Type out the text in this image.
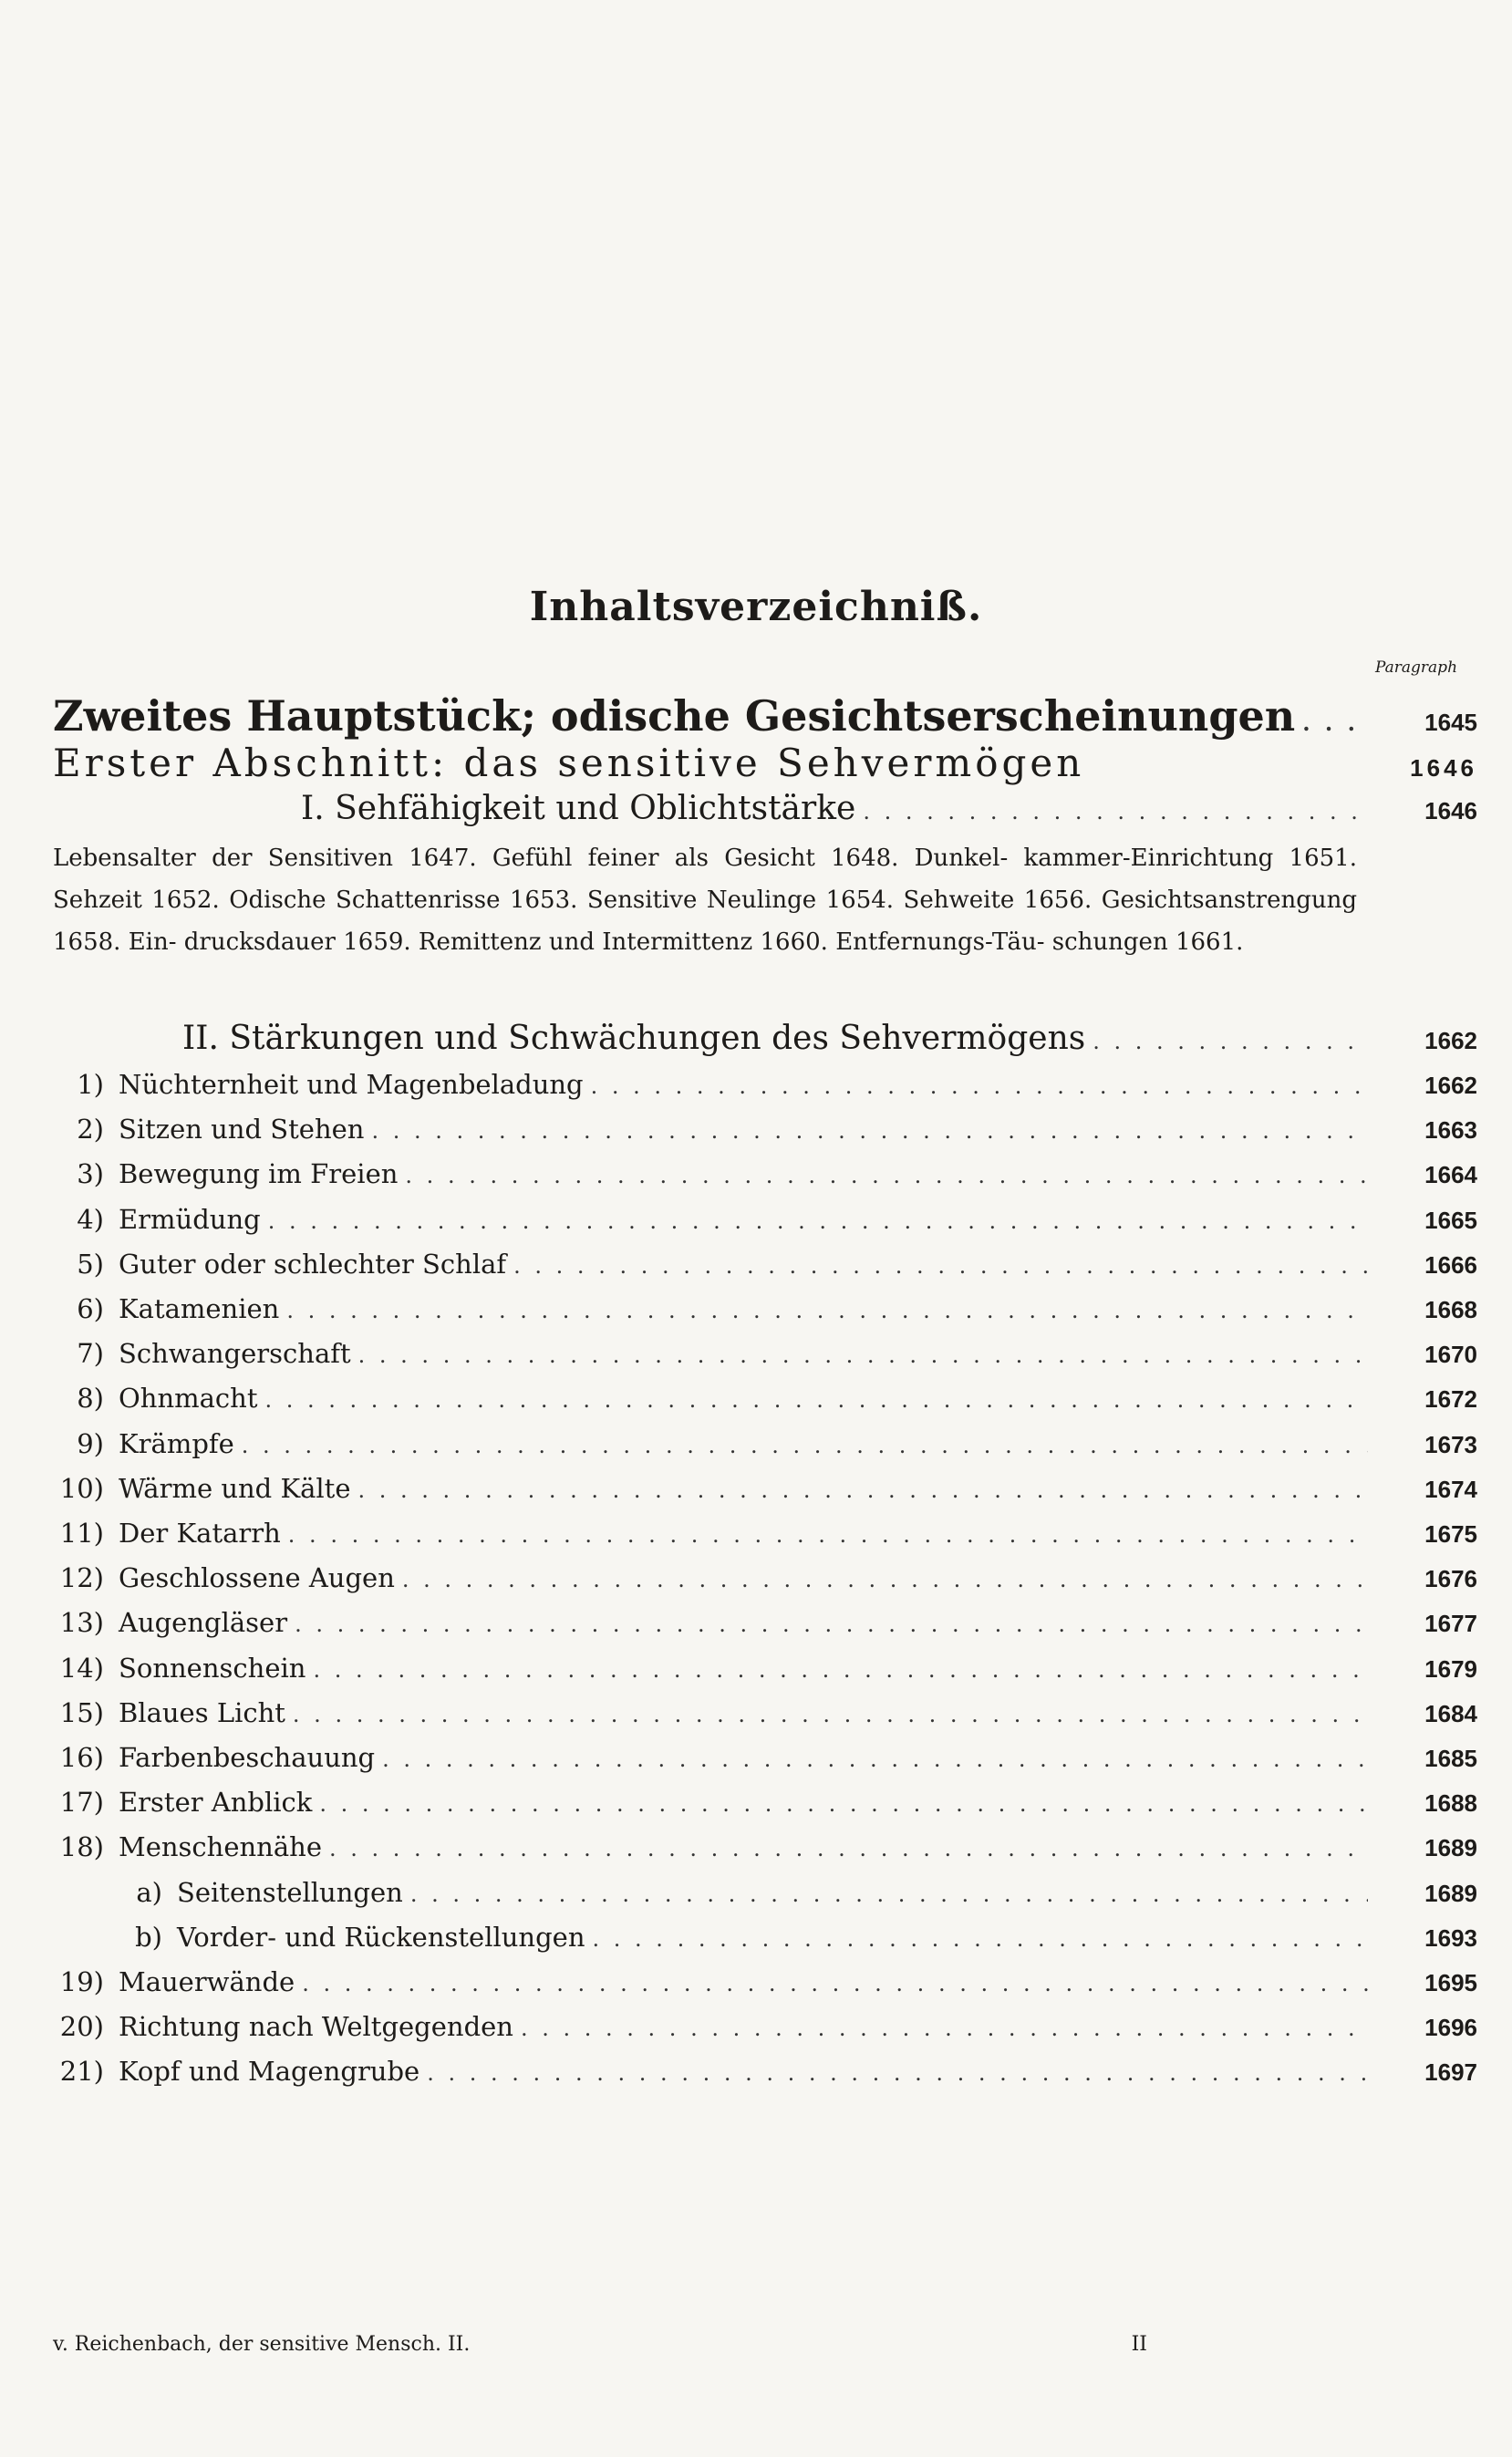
Inhaltsverzeichniß.
Paragraph
Zweites Hauptstück; odische Gesichtserscheinungen . . .	1645
Erster Abschnitt: das sensitive Sehvermögen	1646
I. Sehfähigkeit und Oblichtstärke . . .	1646
Lebensalter der Sensitiven 1647. Gefühl feiner als Gesicht 1648. Dunkel- kammer-Einrichtung 1651. Sehzeit 1652. Odische Schattenrisse 1653. Sensitive Neulinge 1654. Sehweite 1656. Gesichtsanstrengung 1658. Ein- drucksdauer 1659. Remittenz und Intermittenz 1660. Entfernungs-Täu- schungen 1661.
II. Stärkungen und Schwächungen des Sehvermögens . . .	1662
1) Nüchternheit und Magenbeladung . . .	1662
2) Sitzen und Stehen . . .	1663
3) Bewegung im Freien . . .	1664
4) Ermüdung . . .	1665
5) Guter oder schlechter Schlaf . . .	1666
6) Katamenien . . .	1668
7) Schwangerschaft . . .	1670
8) Ohnmacht . . .	1672
9) Krämpfe . . .	1673
10) Wärme und Kälte . . .	1674
11) Der Katarrh . . .	1675
12) Geschlossene Augen . . .	1676
13) Augengläser . . .	1677
14) Sonnenschein . . .	1679
15) Blaues Licht . . .	1684
16) Farbenbeschauung . . .	1685
17) Erster Anblick . . .	1688
18) Menschennähe . . .	1689
a) Seitenstellungen . . .	1689
b) Vorder- und Rückenstellungen . . .	1693
19) Mauerwände . . .	1695
20) Richtung nach Weltgegenden . . .	1696
21) Kopf und Magengrube . . .	1697
v. Reichenbach, der sensitive Mensch. II.	II
